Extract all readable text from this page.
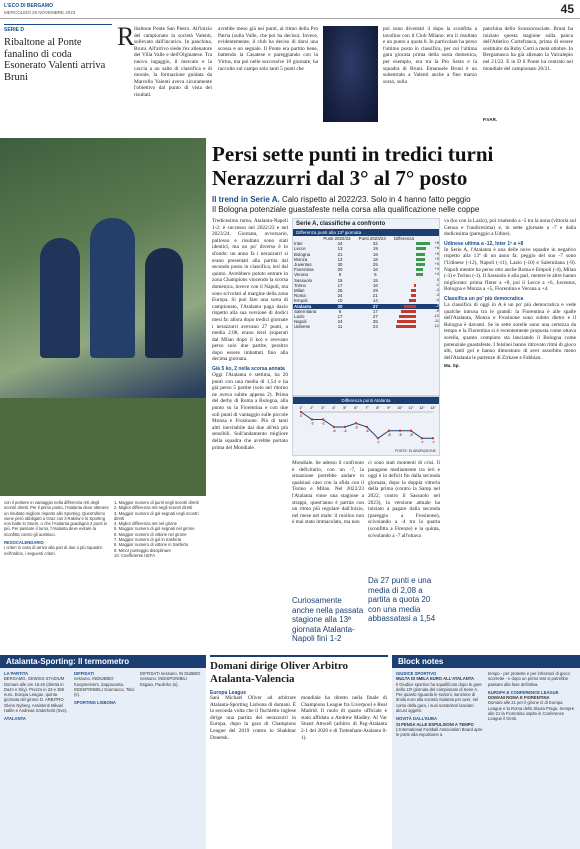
L'ECO DI BERGAMO
MERCOLEDÌ 29 NOVEMBRE 2023	45
SERIE D
Ribaltone al Ponte fanalino di coda Esonerato Valenti arriva Bruni
R ibaltone Ponte San Pietro. All'inizio del campionato la società Valenti, sollevato dall'incarico. In panchina, Bruni. All'arrivo siede l'ex allenatore del Villa Valle e dell'Olginatese. Tra nuovo ingaggio, il mercato e la caccia a un salto di classifica e di morale, la formazione guidata da Marcello Valenti aveva sicuramente l'obiettivo dal punto di vista dei risultati.
avrebbe meso già nei punti, al ritmo della Pro Patria (sulla Valle, che poi ha deciso). Invece, evidentemente, il club ha deciso di darsi una scossa e un segnale. Il Ponte era partito bene, battendo la Casatese e pareggiando con la Virtus, ma poi nelle successive 10 giornate, ha raccolto sul campo solo tanti 5 punti che
poi sono diventati 4 dopo la sconfitta a tavolino con il Club Milano: era il risultato e un punto a quota 8. In particolare ha perso l'ultimo posto in classifica, per cui l'ultima gara giocata prima della sosta domenica, per esempio, era tra la Pro Sesto e la squadra di Bruni. Emanuele Bruni è un subentrato a Valenti anche a fine marzo sorso, sulla
panchina dello Scanzorosciate. Bruni ha iniziato questa stagione sulla panca dell'Atletico Cortefranca, prima di essere sostituito da Roby Corti a metà ottobre. In Bergamasca ha già allenato la Valcalepio nel 21/22. E in D il Ponte ha centrato nel mondiale del campionato 20/21.
P.VAR.
Persi sette punti in tredici turni
Nerazzurri dal 3° al 7° posto
Il trend in Serie A. Calo rispetto al 2022/23. Solo in 4 hanno fatto peggio
Il Bologna potenziale guastafeste nella corsa alla qualificazione nelle coppe
Tredicesimo turno, Atalanta-Napoli 1-2: è successo nel 2022/23 e nel 2023/24. Giornata, avversario, pallosso e risultato sono stati identici, ma un po' diverso è lo sfondo: un anno fa i nerazzurri si erano presentati alla partita dal secondo posto in classifica, ieri dal quinto. Avrebbero potuto entrare in zona Champions vincendo la scorsa domenica, invece con il Napoli, ma sono scivolati al margine della zona Europa. Si può fare una sorta di campionato, l'Atalanta paga dazio rispetto alla sua versione di dodici mesi fa: allora dopo tredici giornate i nerazzurri avevano 27 punti, a media 2.08, erano terzi (superati dal Milan dopo il ko) e avevano perso solo due partite, peraltro dopo essere imbattuti fino alla decima giornata.
Già 5 ko, 2 nella scorsa annata
Oggi l'Atalanta è settima, ha 20 punti con una media di 1,54 e ha già perso 5 partite (solo nel ritorno ne aveva subite appena 2). Prima del derby di Roma a Bologna, alla punto su la Fiorentina e con due soli punti di vantaggio sulle piccole Monza e Frosinone. Più di tanti altri inevitabile dai due all'età più sensibili. Sull'andamento migliore della squadra che avrebbe portato prima del Mondiale.
Serie A, classifiche a confronto
Differenza punti alla 13ª giornata
	Punti 2022/23	Punti 2023/24	Differenza
Inter	24	32	+8

Lecce	13	19	+6

Bologna	21	16	+5

Monza	13	18	+5

Juventus	30	25	+5

Fiorentina	20	16	+4

Verona	9	5	+4

Sassuolo	15	15	0

Torino	17	16	-1

Milan	26	29	-3

Roma	24	21	-3

Empoli	10	14	-4

Atalanta	20	27	-7

Salernitana	6	17	-9

Lazio	17	27	-10

Napoli	24	35	-11

Udinese	11	23	-12
Differenza punti Atalanta
0
1°
-2
2°
-2
3°
-4
4°
-4
5°
-3
6°
-4
7°
-7
8°
-5
9°
-5
10°
-5
11°
-7
12°
-7
13°
FONTE: ELABORAZIONE
Mondiale. Se adesso il confronto è deficitario, con un -7, la situazione potrebbe andare in qualsiasi caso con la sfida con il Torino e Milan. Nel 2022/23 l'Atalanta vinse una stagione a strappi, quest'anno è partita con un ritmo più regolare dall'inizio, nel mese nel male: il ruolino non è mai stato immacolato, ma non
ci sono stati momenti di crisi. Il paragone mediamente tra ieri e oggi è in deficit fin dalla seconda giornata, dopo la doppia vittoria della prima (contro la Samp nel 2022, contro il Sassuolo nel 2023), la versione attuale ha iniziato a pagare dalla seconda (pareggio a Frosinone), scivolando a -4 tra la quarta (sconfitta a Firenze) e la quinta, scivolando a -7 all'ottava
Curiosamente anche nella passata stagione alla 13ª giornata Atalanta-Napoli finì 1-2
Da 27 punti e una media di 2,08 a partita a quota 20 con una media abbassatasi a 1,54
va (ko con la Lazio), poi risalendo a -5 tra la nona (vittoria sul Genoa e l'undicesima) e, in sette giornate a -7 e dalla dodicesima (pareggio a Udine).
Udinese ultima a -12, Inter 1ª a +8
In Serie A, l'Atalanta è una delle nove squadre in negativo rispetto alla 13ª di un anno fa: peggio del suo -7 sono l'Udinese (-12), Napoli (-11), Lazio (-10) e Salernitana (-9). Napoli mentre ha perso otto anche Roma e Empoli (-4), Milan (-3) e Torino (-1). Il Sassuolo è alla pari, mentre le altre hanno migliorato: prima l'Inter a +8, poi il Lecce a +6, Juventus, Bologna e Monza a +5, Fiorentina e Verona a +4.
Classifica un po' più democratica
La classifica di oggi in A è un po' più democratica e vede qualche intrusa tra le grandi: la Fiorentina è alle spalle dell'Atalanta, Monza e Frosinone sono subito dietro e il Bologna è davanti. Se le sette sorelle sono una certezza da tempo e la Fiorentina si è recentemente proposta come ottava sorella, quanto compiuto sta lanciando il Bologna come potenziale guastafeste. I felsinei hanno ritrovato ritmi di gioco alti, tanti gol e hanno dimostrato di aver assorbito meno dell'Atalanta le partenze di Zirkzee e Fabbian.
Ma. Sp.
con il portiere in vantaggio nella differenza reti degli scontri diretti. Per il primo posto, l'Atalanta deve ottenere un risultato migliore rispetto allo Sporting. Quest'ultimo viene però obbligato a Graz con il Raków e lo Sporting non batte lo Sturm, o che l'Atalanta guadagna 2 punti in più. Per passare il turno, l'Atalanta deve evitare la sconfitta contro gli austriaci.
RESOCALENDARIO
I criteri in caso di arrivo alla pari di due o più squadre: nell'ordine, i seguenti criteri.
1. Maggior numero di punti negli scontri diretti
2. Miglior differenza reti negli scontri diretti
3. Maggior numero di gol segnati negli scontri diretti
4. Miglior differenza reti nel girone
5. Maggior numero di gol segnati nel girone
6. Maggior numero di vittorie nel girone
7. Maggior numero di gol in trasferta
8. Maggior numero di vittorie in trasferta
9. Minor punteggio disciplinare
10. Coefficiente UEFA
Atalanta-Sporting: Il termometro
LA PARTITA
BERGAMO, GEWISS STADIUM Domani alle ore 18.45 (diretta in Dazn e Sky). Prezzo in 23 e 366 euro. Europa League, quinta giornata del girone D. ARBITRO Glenn Nyberg. Assistenti Mikael Hallin e Andreas Söderkvist (Sve).
ATALANTA
DIFFIDATI
nessuno. INDIUBBIO Koopmeiners, Zappacosta. INDISPONIBILI Scamacca, Toloi (s).
SPORTING LISBONA
DIFFIDATI nessuno. IN DUBBIO nessuno. INDISPONIBILI Esgaio, Paulinho (s).
Domani dirige Oliver Arbitro Atalanta-Valencia
Europa League
Sarà Michael Oliver ad arbitrare Atalanta-Sporting Lisbona di domani. È la seconda volta che il fischietto inglese dirige una partita dei nerazzurri in Europa, dopo la gara di Champions League del 2019 contro lo Shakhtar Donetsk.
mondiale ha diretto nella finale di Champions League fra Liverpool e Real Madrid. Il ruolo di quarto ufficiale è stato affidato a Andrew Madley. Al Var Stuart Attwell (arbitro di Pag-Atalanta 2-1 del 2020 e di Tottenham-Atalanta 0-1).
Block notes
GIUDICE SPORTIVO
MULTA DI 5MILA EURO ALL'ATALANTA
Il Giudice sportivo ha squalificato dopo le gare della 13ª giornata del campionato di Serie A. Per quanto riguarda le sezioni, sanzione di 5mila euro alla società Atalanta per aver, nel corso della gara, i suoi sostenitori lanciato alcuni oggetti.
NOVITÀ DALL'EUBA
SI PENSA ALLE ESPULSIONI A TEMPO
L'International Football Association Board apre le porte alla espulsione a
tempo - per proteste e per infrazioni di gioco scorrette - e dopo un primo test si potrebbe passare alla fase definitiva.
EUROPA E CONFERENCE LEAGUE
DOMANI ROMA E FIORENTINA
Domani alle 21 per il girone G di Europa League e la Roma dello Slavia Praga. Sempre alle 21 la Fiorentina ospita in Conference League il Genk.
